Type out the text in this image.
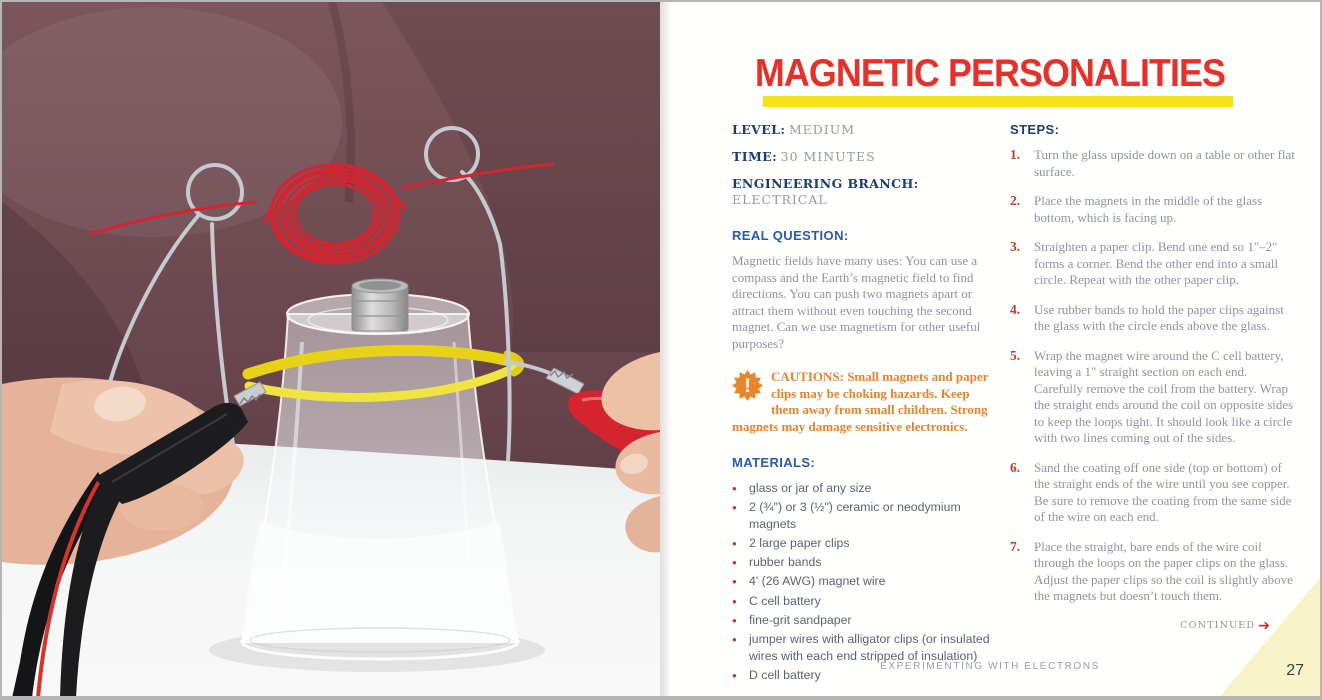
MAGNETIC PERSONALITIES
LEVEL: MEDIUM
TIME: 30 MINUTES
ENGINEERING BRANCH: ELECTRICAL
REAL QUESTION:

Magnetic fields have many uses: You can use a compass and the Earth’s magnetic field to find directions. You can push two magnets apart or attract them without even touching the second magnet. Can we use magnetism for other useful purposes?

! CAUTIONS: Small magnets and paper clips may be choking hazards. Keep them away from small children. Strong magnets may damage sensitive electronics.
MATERIALS:
● glass or jar of any size
● 2 (¾") or 3 (½") ceramic or neodymium magnets
● 2 large paper clips
● rubber bands
● 4' (26 AWG) magnet wire
● C cell battery
● fine-grit sandpaper
● jumper wires with alligator clips (or insulated wires with each end stripped of insulation)
● D cell battery
STEPS:
1. Turn the glass upside down on a table or other flat surface.
2. Place the magnets in the middle of the glass bottom, which is facing up.
3. Straighten a paper clip. Bend one end so 1"–2" forms a corner. Bend the other end into a small circle. Repeat with the other paper clip.
4. Use rubber bands to hold the paper clips against the glass with the circle ends above the glass.
5. Wrap the magnet wire around the C cell battery, leaving a 1" straight section on each end. Carefully remove the coil from the battery. Wrap the straight ends around the coil on opposite sides to keep the loops tight. It should look like a circle with two lines coming out of the sides.
6. Sand the coating off one side (top or bottom) of the straight ends of the wire until you see copper. Be sure to remove the coating from the same side of the wire on each end.
7. Place the straight, bare ends of the wire coil through the loops on the paper clips on the glass. Adjust the paper clips so the coil is slightly above the magnets but doesn’t touch them.
CONTINUED ➔
EXPERIMENTING WITH ELECTRONS	27
